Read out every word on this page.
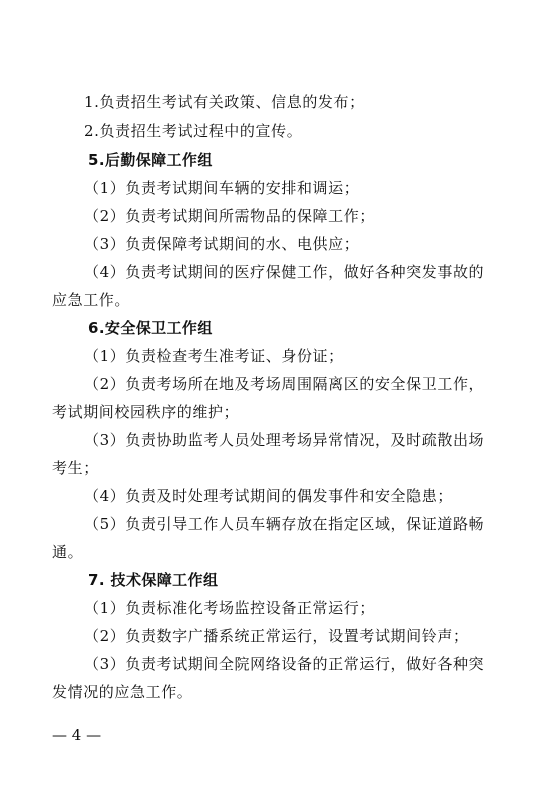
1.负责招生考试有关政策、信息的发布；
2.负责招生考试过程中的宣传。
5.后勤保障工作组
（1）负责考试期间车辆的安排和调运；
（2）负责考试期间所需物品的保障工作；
（3）负责保障考试期间的水、电供应；
（4）负责考试期间的医疗保健工作，做好各种突发事故的
应急工作。
6.安全保卫工作组
（1）负责检查考生准考证、身份证；
（2）负责考场所在地及考场周围隔离区的安全保卫工作，
考试期间校园秩序的维护；
（3）负责协助监考人员处理考场异常情况，及时疏散出场
考生；
（4）负责及时处理考试期间的偶发事件和安全隐患；
（5）负责引导工作人员车辆存放在指定区域，保证道路畅
通。
7. 技术保障工作组
（1）负责标准化考场监控设备正常运行；
（2）负责数字广播系统正常运行，设置考试期间铃声；
（3）负责考试期间全院网络设备的正常运行，做好各种突
发情况的应急工作。
— 4 —
